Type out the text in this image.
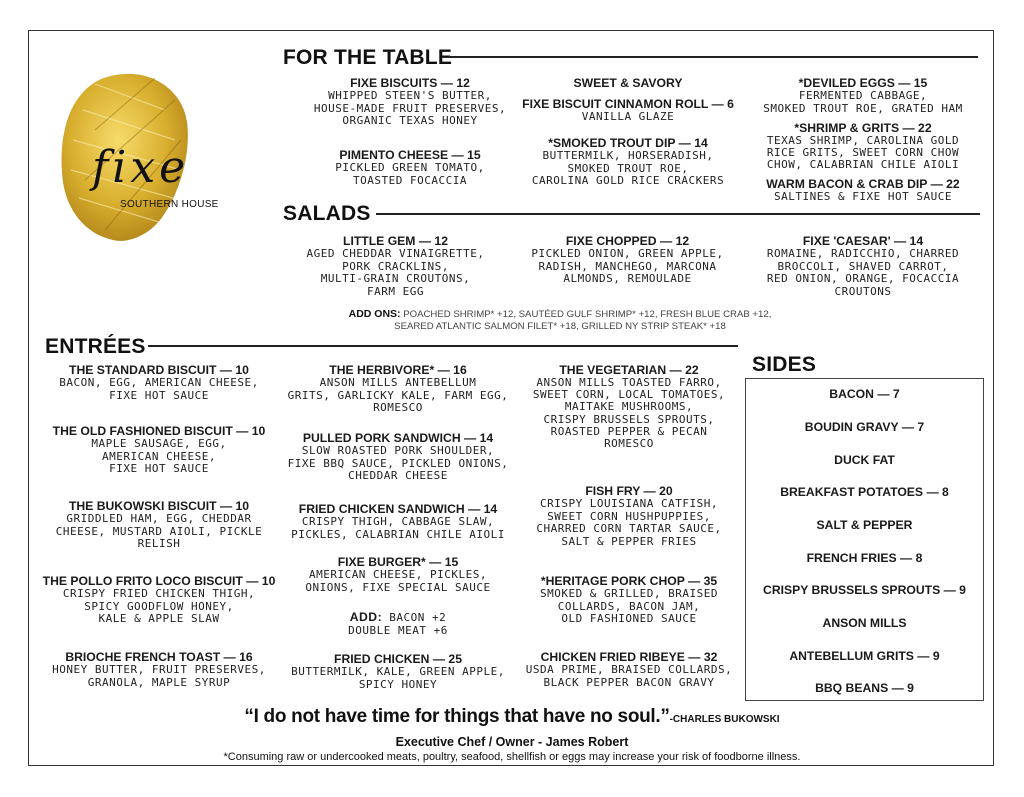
fixe
SOUTHERN HOUSE
FOR THE TABLE
FIXE BISCUITS — 12
WHIPPED STEEN'S BUTTER,
HOUSE-MADE FRUIT PRESERVES,
ORGANIC TEXAS HONEY
PIMENTO CHEESE — 15
PICKLED GREEN TOMATO,
TOASTED FOCACCIA
SWEET & SAVORY
FIXE BISCUIT CINNAMON ROLL — 6
VANILLA GLAZE
*SMOKED TROUT DIP — 14
BUTTERMILK, HORSERADISH,
SMOKED TROUT ROE,
CAROLINA GOLD RICE CRACKERS
*DEVILED EGGS — 15
FERMENTED CABBAGE,
SMOKED TROUT ROE, GRATED HAM
*SHRIMP & GRITS — 22
TEXAS SHRIMP, CAROLINA GOLD
RICE GRITS, SWEET CORN CHOW
CHOW, CALABRIAN CHILE AIOLI
WARM BACON & CRAB DIP — 22
SALTINES & FIXE HOT SAUCE
SALADS
LITTLE GEM — 12
AGED CHEDDAR VINAIGRETTE,
PORK CRACKLINS,
MULTI-GRAIN CROUTONS,
FARM EGG
FIXE CHOPPED — 12
PICKLED ONION, GREEN APPLE,
RADISH, MANCHEGO, MARCONA
ALMONDS, REMOULADE
FIXE 'CAESAR' — 14
ROMAINE, RADICCHIO, CHARRED
BROCCOLI, SHAVED CARROT,
RED ONION, ORANGE, FOCACCIA
CROUTONS
ADD ONS: POACHED SHRIMP* +12, SAUTÉED GULF SHRIMP* +12, FRESH BLUE CRAB +12,
SEARED ATLANTIC SALMON FILET* +18, GRILLED NY STRIP STEAK* +18
ENTRÉES
THE STANDARD BISCUIT — 10
BACON, EGG, AMERICAN CHEESE,
FIXE HOT SAUCE
THE OLD FASHIONED BISCUIT — 10
MAPLE SAUSAGE, EGG,
AMERICAN CHEESE,
FIXE HOT SAUCE
THE BUKOWSKI BISCUIT — 10
GRIDDLED HAM, EGG, CHEDDAR
CHEESE, MUSTARD AIOLI, PICKLE
RELISH
THE POLLO FRITO LOCO BISCUIT — 10
CRISPY FRIED CHICKEN THIGH,
SPICY GOODFLOW HONEY,
KALE & APPLE SLAW
BRIOCHE FRENCH TOAST — 16
HONEY BUTTER, FRUIT PRESERVES,
GRANOLA, MAPLE SYRUP
THE HERBIVORE* — 16
ANSON MILLS ANTEBELLUM
GRITS, GARLICKY KALE, FARM EGG,
ROMESCO
PULLED PORK SANDWICH — 14
SLOW ROASTED PORK SHOULDER,
FIXE BBQ SAUCE, PICKLED ONIONS,
CHEDDAR CHEESE
FRIED CHICKEN SANDWICH — 14
CRISPY THIGH, CABBAGE SLAW,
PICKLES, CALABRIAN CHILE AIOLI
FIXE BURGER* — 15
AMERICAN CHEESE, PICKLES,
ONIONS, FIXE SPECIAL SAUCE
ADD: BACON +2
DOUBLE MEAT +6
FRIED CHICKEN — 25
BUTTERMILK, KALE, GREEN APPLE,
SPICY HONEY
THE VEGETARIAN — 22
ANSON MILLS TOASTED FARRO,
SWEET CORN, LOCAL TOMATOES,
MAITAKE MUSHROOMS,
CRISPY BRUSSELS SPROUTS,
ROASTED PEPPER & PECAN
ROMESCO
FISH FRY — 20
CRISPY LOUISIANA CATFISH,
SWEET CORN HUSHPUPPIES,
CHARRED CORN TARTAR SAUCE,
SALT & PEPPER FRIES
*HERITAGE PORK CHOP — 35
SMOKED & GRILLED, BRAISED
COLLARDS, BACON JAM,
OLD FASHIONED SAUCE
CHICKEN FRIED RIBEYE — 32
USDA PRIME, BRAISED COLLARDS,
BLACK PEPPER BACON GRAVY
SIDES
BACON — 7
BOUDIN GRAVY — 7
DUCK FAT
BREAKFAST POTATOES — 8
SALT & PEPPER
FRENCH FRIES — 8
CRISPY BRUSSELS SPROUTS — 9
ANSON MILLS
ANTEBELLUM GRITS — 9
BBQ BEANS — 9
“I do not have time for things that have no soul.”-CHARLES BUKOWSKI
Executive Chef / Owner - James Robert
*Consuming raw or undercooked meats, poultry, seafood, shellfish or eggs may increase your risk of foodborne illness.
